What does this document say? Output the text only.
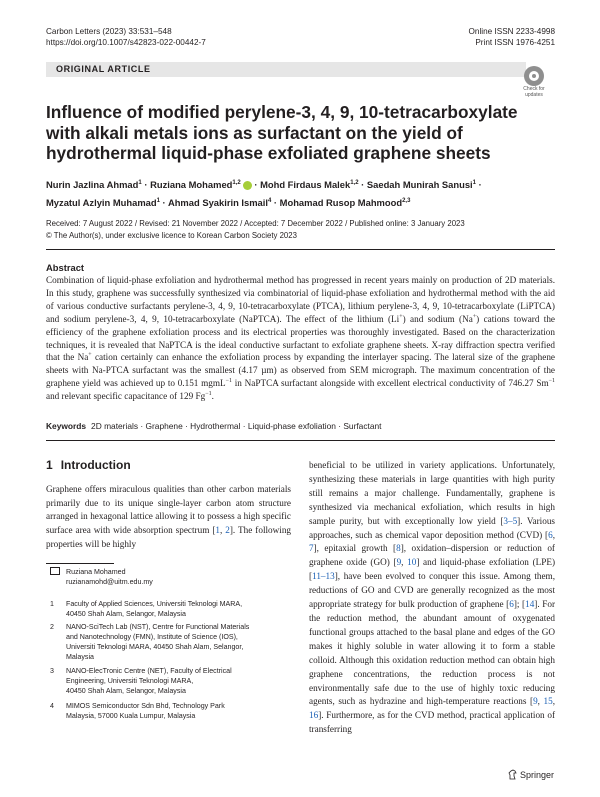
Carbon Letters (2023) 33:531–548
https://doi.org/10.1007/s42823-022-00442-7
Online ISSN 2233-4998
Print ISSN 1976-4251
ORIGINAL ARTICLE
Check for
updates
Influence of modified perylene-3, 4, 9, 10-tetracarboxylate with alkali metals ions as surfactant on the yield of hydrothermal liquid-phase exfoliated graphene sheets
Nurin Jazlina Ahmad$^1$ · Ruziana Mohamed$^{1,2}$ · Mohd Firdaus Malek$^{1,2}$ · Saedah Munirah Sanusi$^1$ ·
Myzatul Azlyin Muhamad$^1$ · Ahmad Syakirin Ismail$^4$ · Mohamad Rusop Mahmood$^{2,3}$
Received: 7 August 2022 / Revised: 21 November 2022 / Accepted: 7 December 2022 / Published online: 3 January 2023
© The Author(s), under exclusive licence to Korean Carbon Society 2023
Abstract
Combination of liquid-phase exfoliation and hydrothermal method has progressed in recent years mainly on production of 2D materials. In this study, graphene was successfully synthesized via combinatorial of liquid-phase exfoliation and hydrothermal method with the aid of various conductive surfactants perylene-3, 4, 9, 10-tetracarboxylate (PTCA), lithium perylene-3, 4, 9, 10-tetracarboxylate (LiPTCA) and sodium perylene-3, 4, 9, 10-tetracarboxylate (NaPTCA). The effect of the lithium (Li+) and sodium (Na+) cations toward the efficiency of the graphene exfoliation process and its electrical properties was thoroughly investigated. Based on the characterization techniques, it is revealed that NaPTCA is the ideal conductive surfactant to exfoliate graphene sheets. X-ray diffraction spectra verified that the Na+ cation certainly can enhance the exfoliation process by expanding the interlayer spacing. The lateral size of the graphene sheets with Na-PTCA surfactant was the smallest (4.17 µm) as observed from SEM micrograph. The maximum concentration of the graphene yield was achieved up to 0.151 mgmL$^{-1}$ in NaPTCA surfactant alongside with excellent electrical conductivity of 746.27 $Sm^{-1}$ and relevant specific capacitance of 129 $Fg^{-1}$.
Keywords 2D materials · Graphene · Hydrothermal · Liquid-phase exfoliation · Surfactant
1 Introduction
Graphene offers miraculous qualities than other carbon materials primarily due to its unique single-layer carbon atom structure arranged in hexagonal lattice allowing it to possess a high specific surface area with wide absorption spectrum [1, 2]. The following properties will be highly
beneficial to be utilized in variety applications. Unfortunately, synthesizing these materials in large quantities with high purity still remains a major challenge. Fundamentally, graphene is synthesized via mechanical exfoliation, which results in high sample purity, but with exceptionally low yield [3–5]. Various approaches, such as chemical vapor deposition method (CVD) [6, 7], epitaxial growth [8], oxidation–dispersion or reduction of graphene oxide (GO) [9, 10] and liquid-phase exfoliation (LPE) [11–13], have been evolved to conquer this issue. Among them, reductions of GO and CVD are generally recognized as the most appropriate strategy for bulk production of graphene [6]; [14]. For the reduction method, the abundant amount of oxygenated functional groups attached to the basal plane and edges of the GO makes it highly soluble in water allowing it to form a stable colloid. Although this oxidation reduction method can obtain high graphene concentrations, the reduction process is not environmentally safe due to the use of highly toxic reducing agents, such as hydrazine and high-temperature reactions [9, 15, 16]. Furthermore, as for the CVD method, practical application of transferring
Ruziana Mohamed
ruzianamohd@uitm.edu.my
1 Faculty of Applied Sciences, Universiti Teknologi MARA,
40450 Shah Alam, Selangor, Malaysia
2 NANO-SciTech Lab (NST), Centre for Functional Materials
and Nanotechnology (FMN), Institute of Science (IOS),
Universiti Teknologi MARA, 40450 Shah Alam, Selangor,
Malaysia
3 NANO-ElecTronic Centre (NET), Faculty of Electrical
Engineering, Universiti Teknologi MARA,
40450 Shah Alam, Selangor, Malaysia
4 MIMOS Semiconductor Sdn Bhd, Technology Park
Malaysia, 57000 Kuala Lumpur, Malaysia
Springer
